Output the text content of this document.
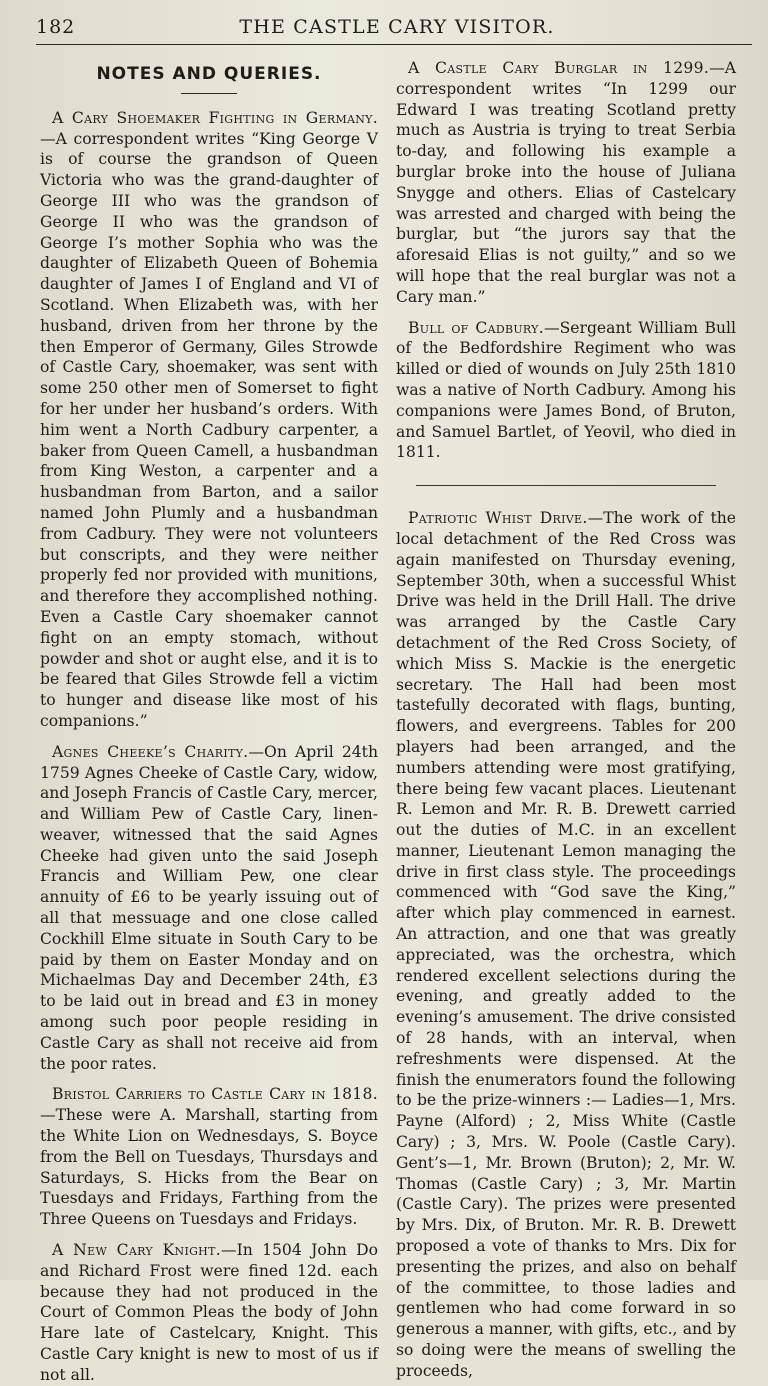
182	THE CASTLE CARY VISITOR.
NOTES AND QUERIES.

A Cary Shoemaker Fighting in Germany.—A correspondent writes “King George V is of course the grandson of Queen Victoria who was the grand-daughter of George III who was the grandson of George II who was the grandson of George I’s mother Sophia who was the daughter of Elizabeth Queen of Bohemia daughter of James I of England and VI of Scotland. When Elizabeth was, with her husband, driven from her throne by the then Emperor of Germany, Giles Strowde of Castle Cary, shoemaker, was sent with some 250 other men of Somerset to fight for her under her husband’s orders. With him went a North Cadbury carpenter, a baker from Queen Camell, a husbandman from King Weston, a carpenter and a husbandman from Barton, and a sailor named John Plumly and a husbandman from Cadbury. They were not volunteers but conscripts, and they were neither properly fed nor provided with munitions, and therefore they accomplished nothing. Even a Castle Cary shoemaker cannot fight on an empty stomach, without powder and shot or aught else, and it is to be feared that Giles Strowde fell a victim to hunger and disease like most of his companions.”

Agnes Cheeke’s Charity.—On April 24th 1759 Agnes Cheeke of Castle Cary, widow, and Joseph Francis of Castle Cary, mercer, and William Pew of Castle Cary, linen-weaver, witnessed that the said Agnes Cheeke had given unto the said Joseph Francis and William Pew, one clear annuity of £6 to be yearly issuing out of all that messuage and one close called Cockhill Elme situate in South Cary to be paid by them on Easter Monday and on Michaelmas Day and December 24th, £3 to be laid out in bread and £3 in money among such poor people residing in Castle Cary as shall not receive aid from the poor rates.

Bristol Carriers to Castle Cary in 1818.—These were A. Marshall, starting from the White Lion on Wednesdays, S. Boyce from the Bell on Tuesdays, Thursdays and Saturdays, S. Hicks from the Bear on Tuesdays and Fridays, Farthing from the Three Queens on Tuesdays and Fridays.

A New Cary Knight.—In 1504 John Do and Richard Frost were fined 12d. each because they had not produced in the Court of Common Pleas the body of John Hare late of Castelcary, Knight. This Castle Cary knight is new to most of us if not all.

A Castle Cary Burglar in 1299.—A correspondent writes “In 1299 our Edward I was treating Scotland pretty much as Austria is trying to treat Serbia to-day, and following his example a burglar broke into the house of Juliana Snygge and others. Elias of Castelcary was arrested and charged with being the burglar, but “the jurors say that the aforesaid Elias is not guilty,” and so we will hope that the real burglar was not a Cary man.”

Bull of Cadbury.—Sergeant William Bull of the Bedfordshire Regiment who was killed or died of wounds on July 25th 1810 was a native of North Cadbury. Among his companions were James Bond, of Bruton, and Samuel Bartlet, of Yeovil, who died in 1811.

Patriotic Whist Drive.—The work of the local detachment of the Red Cross was again manifested on Thursday evening, September 30th, when a successful Whist Drive was held in the Drill Hall. The drive was arranged by the Castle Cary detachment of the Red Cross Society, of which Miss S. Mackie is the energetic secretary. The Hall had been most tastefully decorated with flags, bunting, flowers, and evergreens. Tables for 200 players had been arranged, and the numbers attending were most gratifying, there being few vacant places. Lieutenant R. Lemon and Mr. R. B. Drewett carried out the duties of M.C. in an excellent manner, Lieutenant Lemon managing the drive in first class style. The proceedings commenced with “God save the King,” after which play commenced in earnest. An attraction, and one that was greatly appreciated, was the orchestra, which rendered excellent selections during the evening, and greatly added to the evening’s amusement. The drive consisted of 28 hands, with an interval, when refreshments were dispensed. At the finish the enumerators found the following to be the prize-winners :— Ladies—1, Mrs. Payne (Alford) ; 2, Miss White (Castle Cary) ; 3, Mrs. W. Poole (Castle Cary). Gent’s—1, Mr. Brown (Bruton); 2, Mr. W. Thomas (Castle Cary) ; 3, Mr. Martin (Castle Cary). The prizes were presented by Mrs. Dix, of Bruton. Mr. R. B. Drewett proposed a vote of thanks to Mrs. Dix for presenting the prizes, and also on behalf of the committee, to those ladies and gentlemen who had come forward in so generous a manner, with gifts, etc., and by so doing were the means of swelling the proceeds,
